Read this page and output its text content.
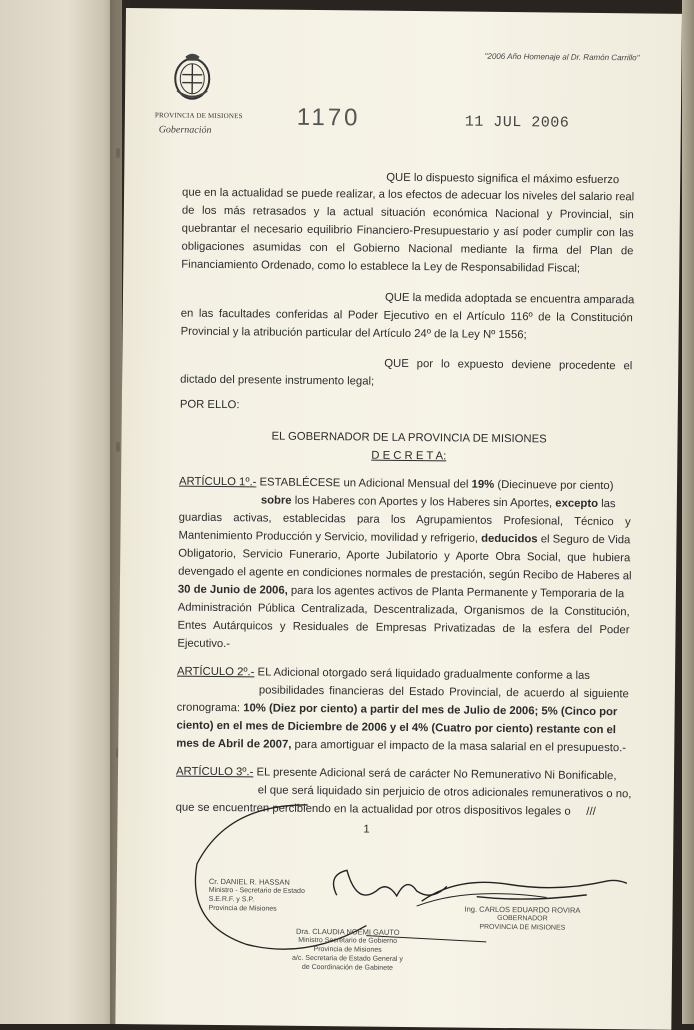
"2006 Año Homenaje al Dr. Ramón Carrillo"
PROVINCIA DE MISIONES
Gobernación	1170	11 JUL 2006
QUE lo dispuesto significa el máximo esfuerzo
que en la actualidad se puede realizar, a los efectos de adecuar los niveles del salario real
de los más retrasados y la actual situación económica Nacional y Provincial, sin
quebrantar el necesario equilibrio Financiero-Presupuestario y así poder cumplir con las
obligaciones asumidas con el Gobierno Nacional mediante la firma del Plan de
Financiamiento Ordenado, como lo establece la Ley de Responsabilidad Fiscal;
QUE la medida adoptada se encuentra amparada
en las facultades conferidas al Poder Ejecutivo en el Artículo 116º de la Constitución
Provincial y la atribución particular del Artículo 24º de la Ley Nº 1556;
QUE por lo expuesto deviene procedente el
dictado del presente instrumento legal;
POR ELLO:
EL GOBERNADOR DE LA PROVINCIA DE MISIONES
D E C R E T A:
ARTÍCULO 1º.- ESTABLÉCESE un Adicional Mensual del 19% (Diecinueve por ciento)
sobre los Haberes con Aportes y los Haberes sin Aportes, excepto las
guardias activas, establecidas para los Agrupamientos Profesional, Técnico y
Mantenimiento Producción y Servicio, movilidad y refrigerio, deducidos el Seguro de Vida
Obligatorio, Servicio Funerario, Aporte Jubilatorio y Aporte Obra Social, que hubiera
devengado el agente en condiciones normales de prestación, según Recibo de Haberes al
30 de Junio de 2006, para los agentes activos de Planta Permanente y Temporaria de la
Administración Pública Centralizada, Descentralizada, Organismos de la Constitución,
Entes Autárquicos y Residuales de Empresas Privatizadas de la esfera del Poder
Ejecutivo.-
ARTÍCULO 2º.- EL Adicional otorgado será liquidado gradualmente conforme a las
posibilidades financieras del Estado Provincial, de acuerdo al siguiente
cronograma: 10% (Diez por ciento) a partir del mes de Julio de 2006; 5% (Cinco por
ciento) en el mes de Diciembre de 2006 y el 4% (Cuatro por ciento) restante con el
mes de Abril de 2007, para amortiguar el impacto de la masa salarial en el presupuesto.-
ARTÍCULO 3º.- EL presente Adicional será de carácter No Remunerativo Ni Bonificable,
el que será liquidado sin perjuicio de otros adicionales remunerativos o no,
que se encuentren percibiendo en la actualidad por otros dispositivos legales o ///
1
Cr. DANIEL R. HASSAN
Ministro - Secretario de Estado
S.E.R.F. y S.P.
Provincia de Misiones
Dra. CLAUDIA NOEMI GAUTO
Ministro Secretario de Gobierno
Provincia de Misiones
a/c. Secretaria de Estado General y
de Coordinación de Gabinete
Ing. CARLOS EDUARDO ROVIRA
GOBERNADOR
PROVINCIA DE MISIONES
